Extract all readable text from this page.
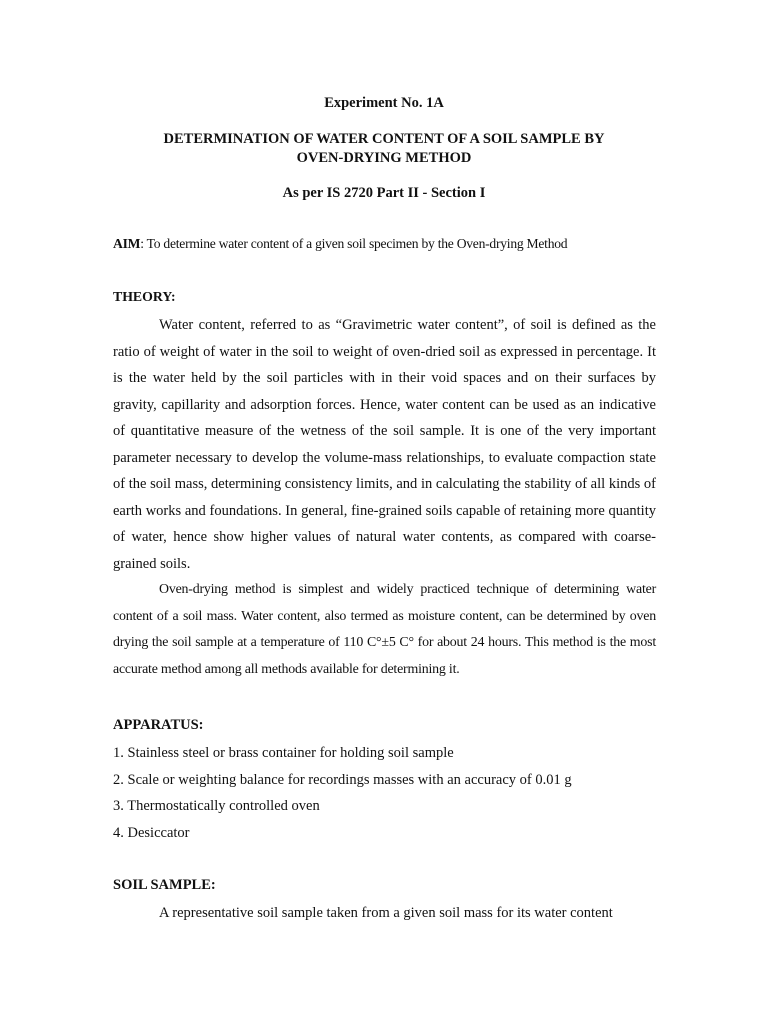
Experiment No. 1A
DETERMINATION OF WATER CONTENT OF A SOIL SAMPLE BY OVEN-DRYING METHOD
As per IS 2720 Part II - Section I
AIM: To determine water content of a given soil specimen by the Oven-drying Method
THEORY:
Water content, referred to as “Gravimetric water content”, of soil is defined as the ratio of weight of water in the soil to weight of oven-dried soil as expressed in percentage. It is the water held by the soil particles with in their void spaces and on their surfaces by gravity, capillarity and adsorption forces. Hence, water content can be used as an indicative of quantitative measure of the wetness of the soil sample. It is one of the very important parameter necessary to develop the volume-mass relationships, to evaluate compaction state of the soil mass, determining consistency limits, and in calculating the stability of all kinds of earth works and foundations. In general, fine-grained soils capable of retaining more quantity of water, hence show higher values of natural water contents, as compared with coarse-grained soils.
Oven-drying method is simplest and widely practiced technique of determining water content of a soil mass. Water content, also termed as moisture content, can be determined by oven drying the soil sample at a temperature of 110 C°±5 C° for about 24 hours. This method is the most accurate method among all methods available for determining it.
APPARATUS:
1. Stainless steel or brass container for holding soil sample
2. Scale or weighting balance for recordings masses with an accuracy of 0.01 g
3. Thermostatically controlled oven
4. Desiccator
SOIL SAMPLE:
A representative soil sample taken from a given soil mass for its water content
